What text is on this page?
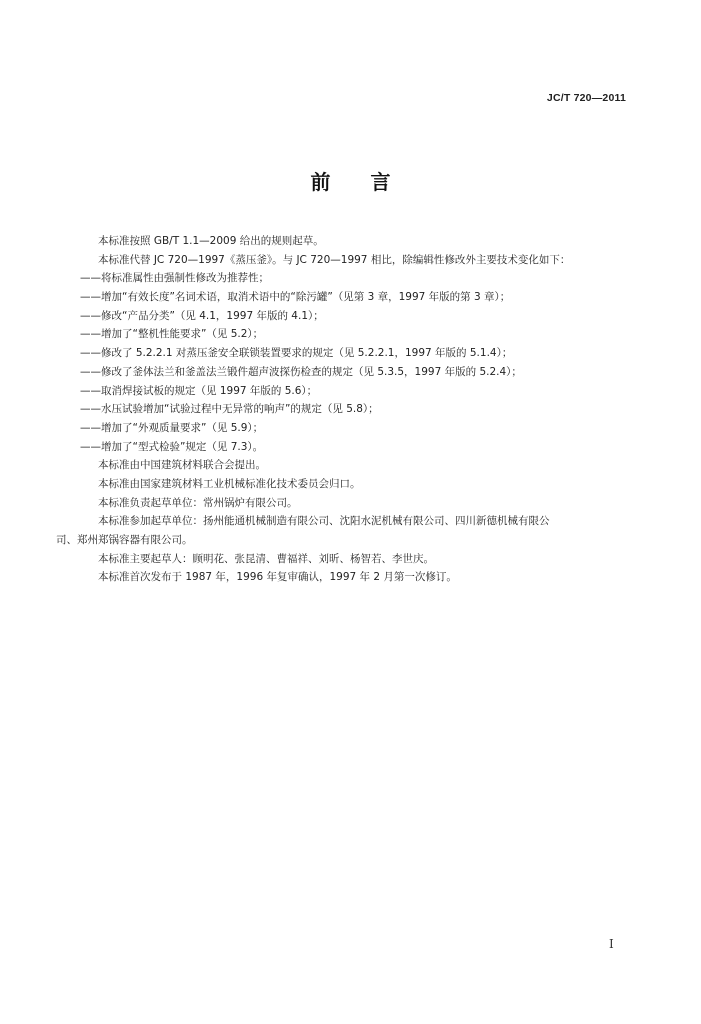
JC/T 720—2011
前 言
本标准按照 GB/T 1.1—2009 给出的规则起草。
本标准代替 JC 720—1997《蒸压釜》。与 JC 720—1997 相比，除编辑性修改外主要技术变化如下：
——将标准属性由强制性修改为推荐性；
——增加“有效长度”名词术语，取消术语中的“除污罐”（见第 3 章，1997 年版的第 3 章）；
——修改“产品分类”（见 4.1，1997 年版的 4.1）；
——增加了“整机性能要求”（见 5.2）；
——修改了 5.2.2.1 对蒸压釜安全联锁装置要求的规定（见 5.2.2.1，1997 年版的 5.1.4）；
——修改了釜体法兰和釜盖法兰锻件超声波探伤检查的规定（见 5.3.5，1997 年版的 5.2.4）；
——取消焊接试板的规定（见 1997 年版的 5.6）；
——水压试验增加“试验过程中无异常的响声”的规定（见 5.8）；
——增加了“外观质量要求”（见 5.9）；
——增加了“型式检验”规定（见 7.3）。
本标准由中国建筑材料联合会提出。
本标准由国家建筑材料工业机械标准化技术委员会归口。
本标准负责起草单位：常州锅炉有限公司。
本标准参加起草单位：扬州能通机械制造有限公司、沈阳水泥机械有限公司、四川新德机械有限公
司、郑州郑锅容器有限公司。
本标准主要起草人：顾明花、张昆清、曹福祥、刘昕、杨智若、李世庆。
本标准首次发布于 1987 年，1996 年复审确认，1997 年 2 月第一次修订。
I
